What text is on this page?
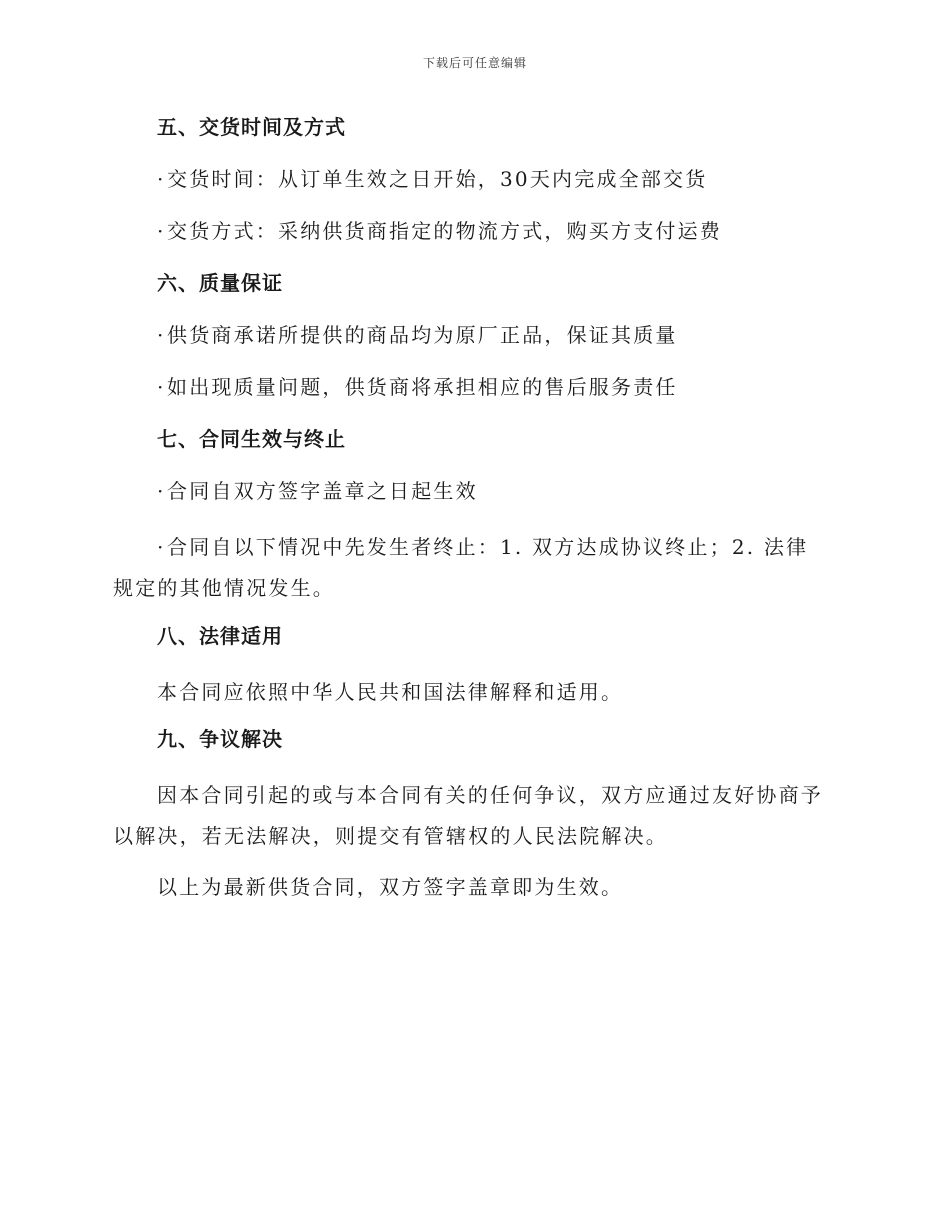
下载后可任意编辑
五、交货时间及方式
·交货时间：从订单生效之日开始，30天内完成全部交货
·交货方式：采纳供货商指定的物流方式，购买方支付运费
六、质量保证
·供货商承诺所提供的商品均为原厂正品，保证其质量
·如出现质量问题，供货商将承担相应的售后服务责任
七、合同生效与终止
·合同自双方签字盖章之日起生效
·合同自以下情况中先发生者终止：1. 双方达成协议终止；2. 法律规定的其他情况发生。
八、法律适用

本合同应依照中华人民共和国法律解释和适用。

九、争议解决

因本合同引起的或与本合同有关的任何争议，双方应通过友好协商予以解决，若无法解决，则提交有管辖权的人民法院解决。

以上为最新供货合同，双方签字盖章即为生效。
